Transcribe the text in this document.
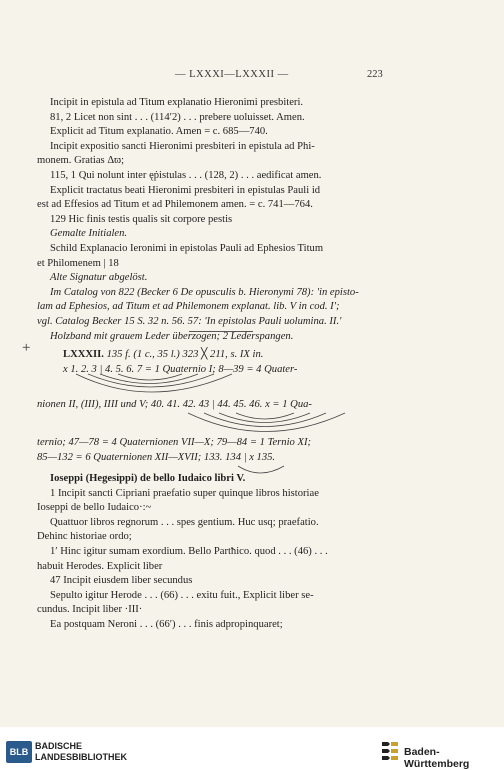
— LXXXI—LXXXII —	223
Incipit in epistula ad Titum explanatio Hieronimi presbiteri.
81, 2 Licet non sint . . . (114′2) . . . prebere uoluisset. Amen.
Explicit ad Titum explanatio. Amen = c. 685—740.
Incipit expositio sancti Hieronimi presbiteri in epistula ad Phi-
monem. Gratias Δϖ;
115, 1 Qui nolunt inter ęṗistulas . . . (128, 2) . . . aedificat amen.
Explicit tractatus beati Hieronimi presbiteri in epistulas Pauli id
est ad Effesios ad Titum et ad Philemonem amen. = c. 741—764.
129 Hic finis testis qualis sit corpore pestis
Gemalte Initialen.
Schild Explanacio Ieronimi in epistolas Pauli ad Ephesios Titum
et Philomenem | 18
Alte Signatur abgelöst.
Im Catalog von 822 (Becker 6 De opusculis b. Hieronymi 78): 'in episto-
lam ad Ephesios, ad Titum et ad Philemonem explanat. lib. V in cod. I';
vgl. Catalog Becker 15 S. 32 n. 56. 57: 'In epistolas Pauli uolumina. II.'
Holzband mit grauem Leder überzogen; 2 Lederspangen.
+	LXXXII. 135 f. (1 c., 35 l.) 323 ╳ 211, s. IX in.
x 1. 2. 3 | 4. 5. 6. 7 = 1 Quaternio I; 8—39 = 4 Quater-
nionen II, (III), IIII und V; 40. 41. 42. 43 | 44. 45. 46. x = 1 Qua-
ternio; 47—78 = 4 Quaternionen VII—X; 79—84 = 1 Ternio XI;
85—132 = 6 Quaternionen XII—XVII; 133. 134 | x 135.
Ioseppi (Hegesippi) de bello Iudaico libri V.
1 Incipit sancti Cipriani praefatio super quinque libros historiae
Ioseppi de bello Iudaico·:~
Quattuor libros regnorum . . . spes gentium. Huc usq; praefatio.
Dehinc historiae ordo;
1′ Hinc igitur sumam exordium. Bello Partħico. quod . . . (46) . . .
habuit Herodes. Explicit liber
47 Incipit eiusdem liber secundus
Sepulto igitur Herode . . . (66) . . . exitu fuit., Explicit liber se-
cundus. Incipit liber ·III·
Ea postquam Neroni . . . (66′) . . . finis adpropinquaret;
BLB
BADISCHE
LANDESBIBLIOTHEK	Baden-Württemberg
